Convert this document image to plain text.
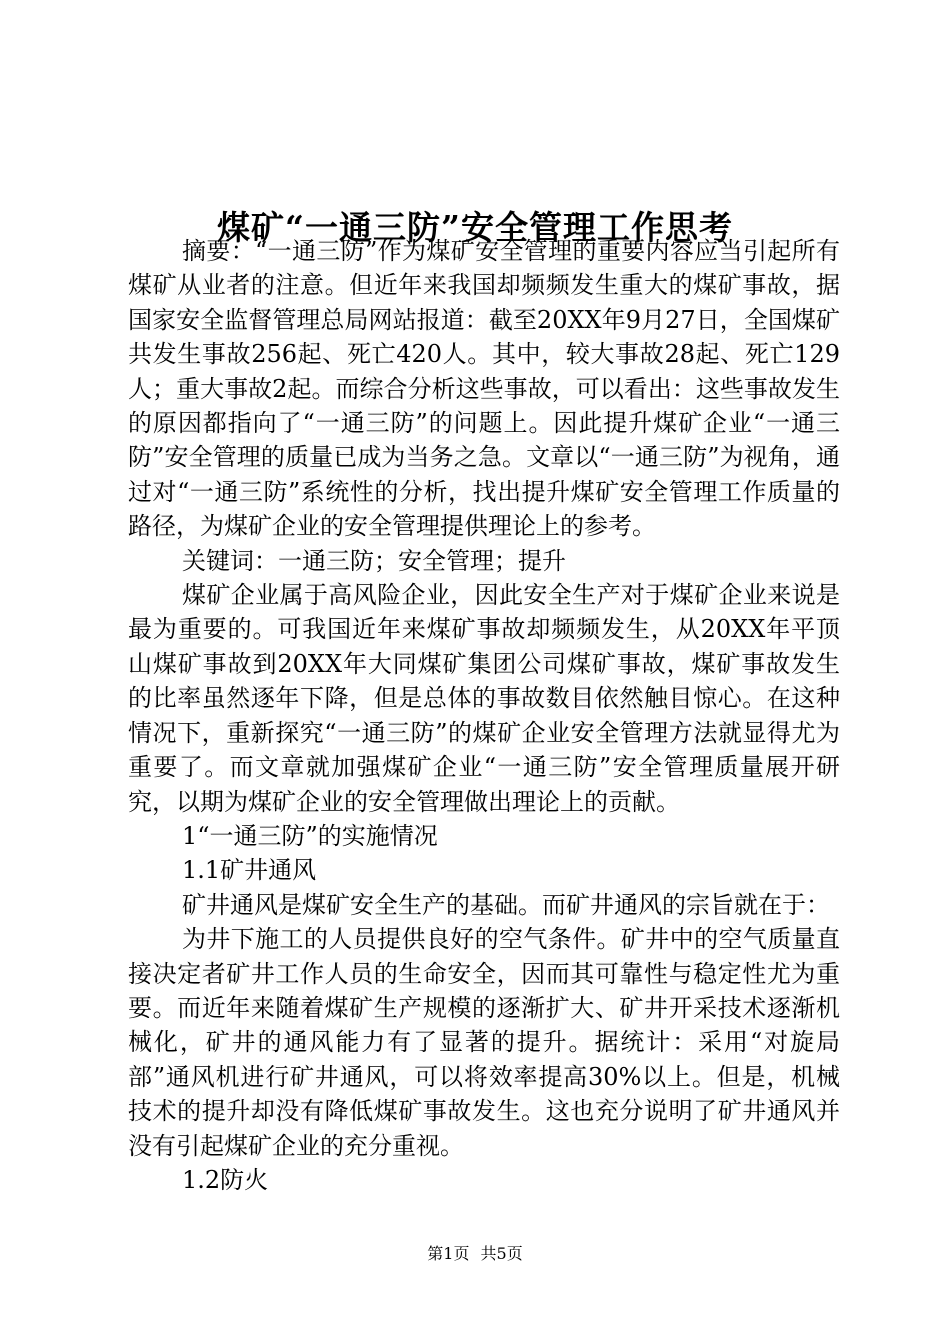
煤矿“一通三防”安全管理工作思考

摘要：“一通三防”作为煤矿安全管理的重要内容应当引起所有煤矿从业者的注意。但近年来我国却频频发生重大的煤矿事故，据国家安全监督管理总局网站报道：截至20XX年9月27日，全国煤矿共发生事故256起、死亡420人。其中，较大事故28起、死亡129人；重大事故2起。而综合分析这些事故，可以看出：这些事故发生的原因都指向了“一通三防”的问题上。因此提升煤矿企业“一通三防”安全管理的质量已成为当务之急。文章以“一通三防”为视角，通过对“一通三防”系统性的分析，找出提升煤矿安全管理工作质量的路径，为煤矿企业的安全管理提供理论上的参考。

关键词：一通三防；安全管理；提升

煤矿企业属于高风险企业，因此安全生产对于煤矿企业来说是最为重要的。可我国近年来煤矿事故却频频发生，从20XX年平顶山煤矿事故到20XX年大同煤矿集团公司煤矿事故，煤矿事故发生的比率虽然逐年下降，但是总体的事故数目依然触目惊心。在这种情况下，重新探究“一通三防”的煤矿企业安全管理方法就显得尤为重要了。而文章就加强煤矿企业“一通三防”安全管理质量展开研究，以期为煤矿企业的安全管理做出理论上的贡献。

1“一通三防”的实施情况

1.1矿井通风

矿井通风是煤矿安全生产的基础。而矿井通风的宗旨就在于：

为井下施工的人员提供良好的空气条件。矿井中的空气质量直接决定者矿井工作人员的生命安全，因而其可靠性与稳定性尤为重要。而近年来随着煤矿生产规模的逐渐扩大、矿井开采技术逐渐机械化，矿井的通风能力有了显著的提升。据统计：采用“对旋局部”通风机进行矿井通风，可以将效率提高30%以上。但是，机械技术的提升却没有降低煤矿事故发生。这也充分说明了矿井通风并没有引起煤矿企业的充分重视。

1.2防火

第1页 共5页
